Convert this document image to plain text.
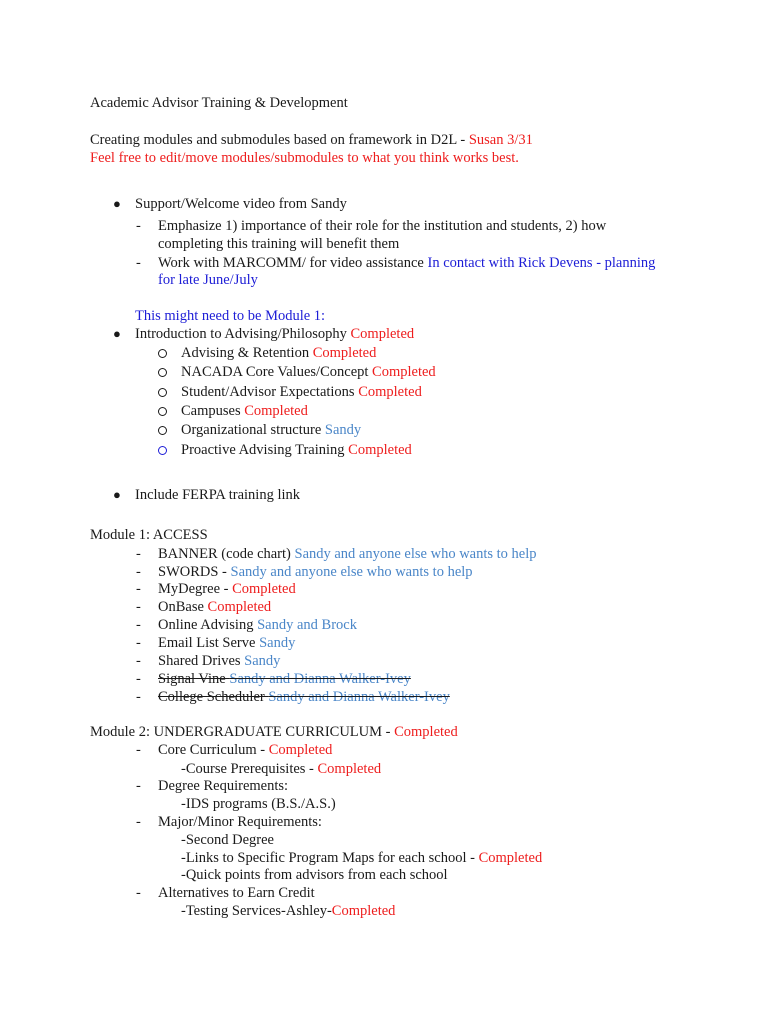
Academic Advisor Training & Development
Creating modules and submodules based on framework in D2L - Susan 3/31
Feel free to edit/move modules/submodules to what you think works best.
● Support/Welcome video from Sandy
- Emphasize 1) importance of their role for the institution and students, 2) how
completing this training will benefit them
- Work with MARCOMM/ for video assistance In contact with Rick Devens - planning
for late June/July
This might need to be Module 1:
● Introduction to Advising/Philosophy Completed
Advising & Retention Completed
NACADA Core Values/Concept Completed
Student/Advisor Expectations Completed
Campuses Completed
Organizational structure Sandy
Proactive Advising Training Completed
● Include FERPA training link
Module 1: ACCESS
- BANNER (code chart) Sandy and anyone else who wants to help
- SWORDS - Sandy and anyone else who wants to help
- MyDegree - Completed
- OnBase Completed
- Online Advising Sandy and Brock
- Email List Serve Sandy
- Shared Drives Sandy
- Signal Vine Sandy and Dianna Walker-Ivey
- College Scheduler Sandy and Dianna Walker-Ivey
Module 2: UNDERGRADUATE CURRICULUM - Completed
- Core Curriculum - Completed
-Course Prerequisites - Completed
- Degree Requirements:
-IDS programs (B.S./A.S.)
- Major/Minor Requirements:
-Second Degree
-Links to Specific Program Maps for each school - Completed
-Quick points from advisors from each school
- Alternatives to Earn Credit
-Testing Services-Ashley-Completed
